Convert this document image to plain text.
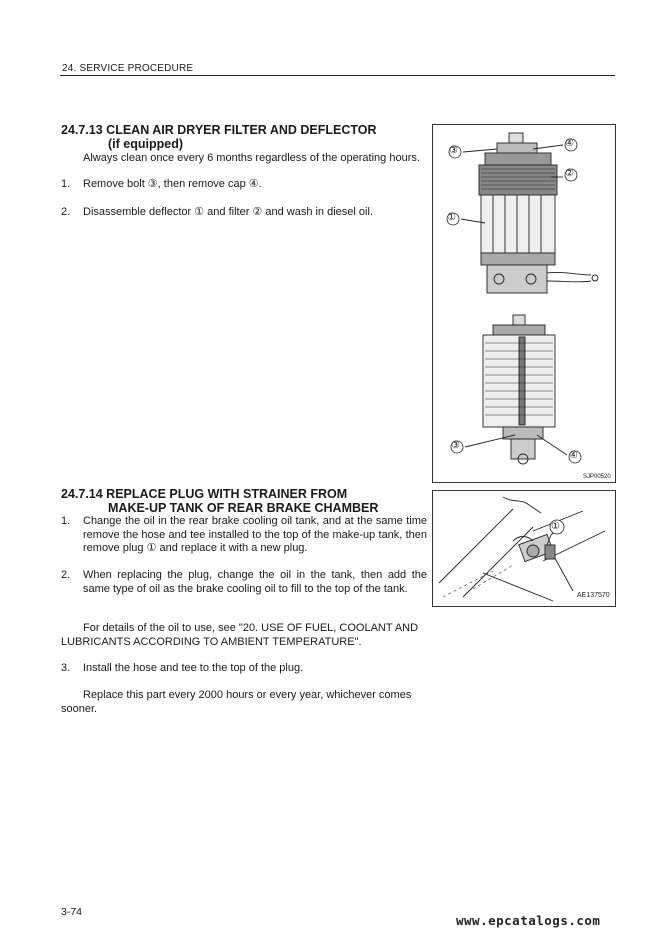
24. SERVICE PROCEDURE
24.7.13 CLEAN AIR DRYER FILTER AND DEFLECTOR
(if equipped)
Always clean once every 6 months regardless of the operating hours.
1.	Remove bolt ③, then remove cap ④.
2.	Disassemble deflector ① and filter ② and wash in diesel oil.
SJP00520
24.7.14 REPLACE PLUG WITH STRAINER FROM
MAKE-UP TANK OF REAR BRAKE CHAMBER
1.	Change the oil in the rear brake cooling oil tank, and at the same time remove the hose and tee installed to the top of the make-up tank, then remove plug ① and replace it with a new plug.
2.	When replacing the plug, change the oil in the tank, then add the same type of oil as the brake cooling oil to fill to the top of the tank.
For details of the oil to use, see "20. USE OF FUEL, COOLANT AND LUBRICANTS ACCORDING TO AMBIENT TEMPERATURE".
3.	Install the hose and tee to the top of the plug.
Replace this part every 2000 hours or every year, whichever comes sooner.
AE137570
3-74
www.epcatalogs.com
③
④
②
①
③
④
①
